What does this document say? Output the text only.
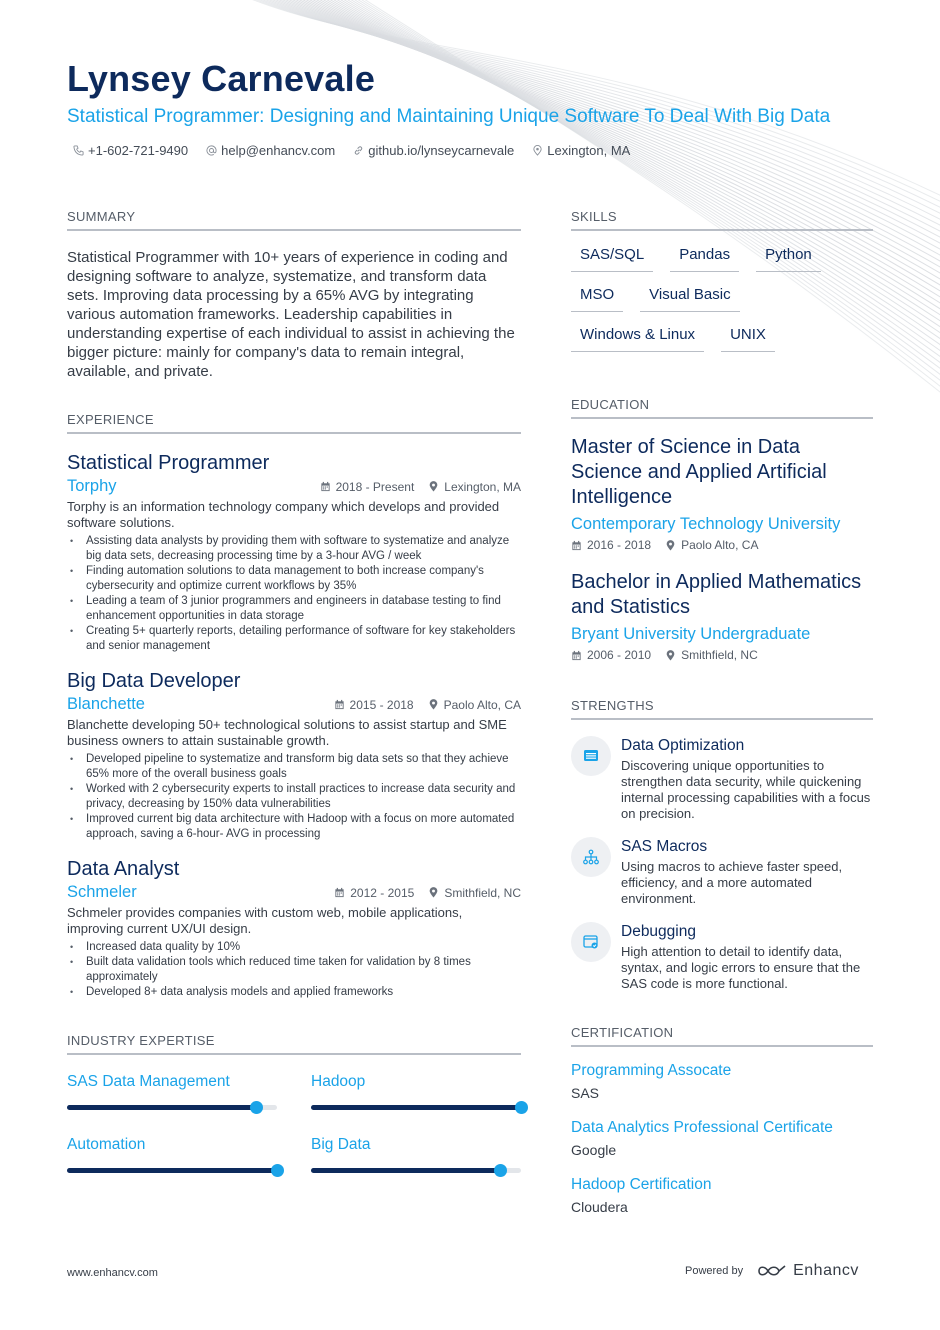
Lynsey Carnevale
Statistical Programmer: Designing and Maintaining Unique Software To Deal With Big Data
+1-602-721-9490	help@enhancv.com	github.io/lynseycarnevale	Lexington, MA
SUMMARY

Statistical Programmer with 10+ years of experience in coding and designing software to analyze, systematize, and transform data sets. Improving data processing by a 65% AVG by integrating various automation frameworks. Leadership capabilities in understanding expertise of each individual to assist in achieving the bigger picture: mainly for company's data to remain integral, available, and private.

EXPERIENCE
Statistical Programmer
Torphy	2018 - Present	Lexington, MA
Torphy is an information technology company which develops and provided software solutions.
• Assisting data analysts by providing them with software to systematize and analyze big data sets, decreasing processing time by a 3-hour AVG / week
• Finding automation solutions to data management to both increase company's cybersecurity and optimize current workflows by 35%
• Leading a team of 3 junior programmers and engineers in database testing to find enhancement opportunities in data storage
• Creating 5+ quarterly reports, detailing performance of software for key stakeholders and senior management
Big Data Developer
Blanchette	2015 - 2018	Paolo Alto, CA
Blanchette developing 50+ technological solutions to assist startup and SME business owners to attain sustainable growth.
• Developed pipeline to systematize and transform big data sets so that they achieve 65% more of the overall business goals
• Worked with 2 cybersecurity experts to install practices to increase data security and privacy, decreasing by 150% data vulnerabilities
• Improved current big data architecture with Hadoop with a focus on more automated approach, saving a 6-hour- AVG in processing
Data Analyst
Schmeler	2012 - 2015	Smithfield, NC
Schmeler provides companies with custom web, mobile applications, improving current UX/UI design.
• Increased data quality by 10%
• Built data validation tools which reduced time taken for validation by 8 times approximately
• Developed 8+ data analysis models and applied frameworks
INDUSTRY EXPERTISE
SAS Data Management	Hadoop
Automation	Big Data
SKILLS
SAS/SQL	Pandas	Python
MSO	Visual Basic
Windows & Linux	UNIX
EDUCATION
Master of Science in Data Science and Applied Artificial Intelligence
Contemporary Technology University
2016 - 2018	Paolo Alto, CA
Bachelor in Applied Mathematics and Statistics
Bryant University Undergraduate
2006 - 2010	Smithfield, NC
STRENGTHS
Data Optimization
Discovering unique opportunities to strengthen data security, while quickening internal processing capabilities with a focus on precision.
SAS Macros
Using macros to achieve faster speed, efficiency, and a more automated environment.
Debugging
High attention to detail to identify data, syntax, and logic errors to ensure that the SAS code is more functional.
CERTIFICATION
Programming Assocate
SAS
Data Analytics Professional Certificate
Google
Hadoop Certification
Cloudera
www.enhancv.com	Powered by	Enhancv
